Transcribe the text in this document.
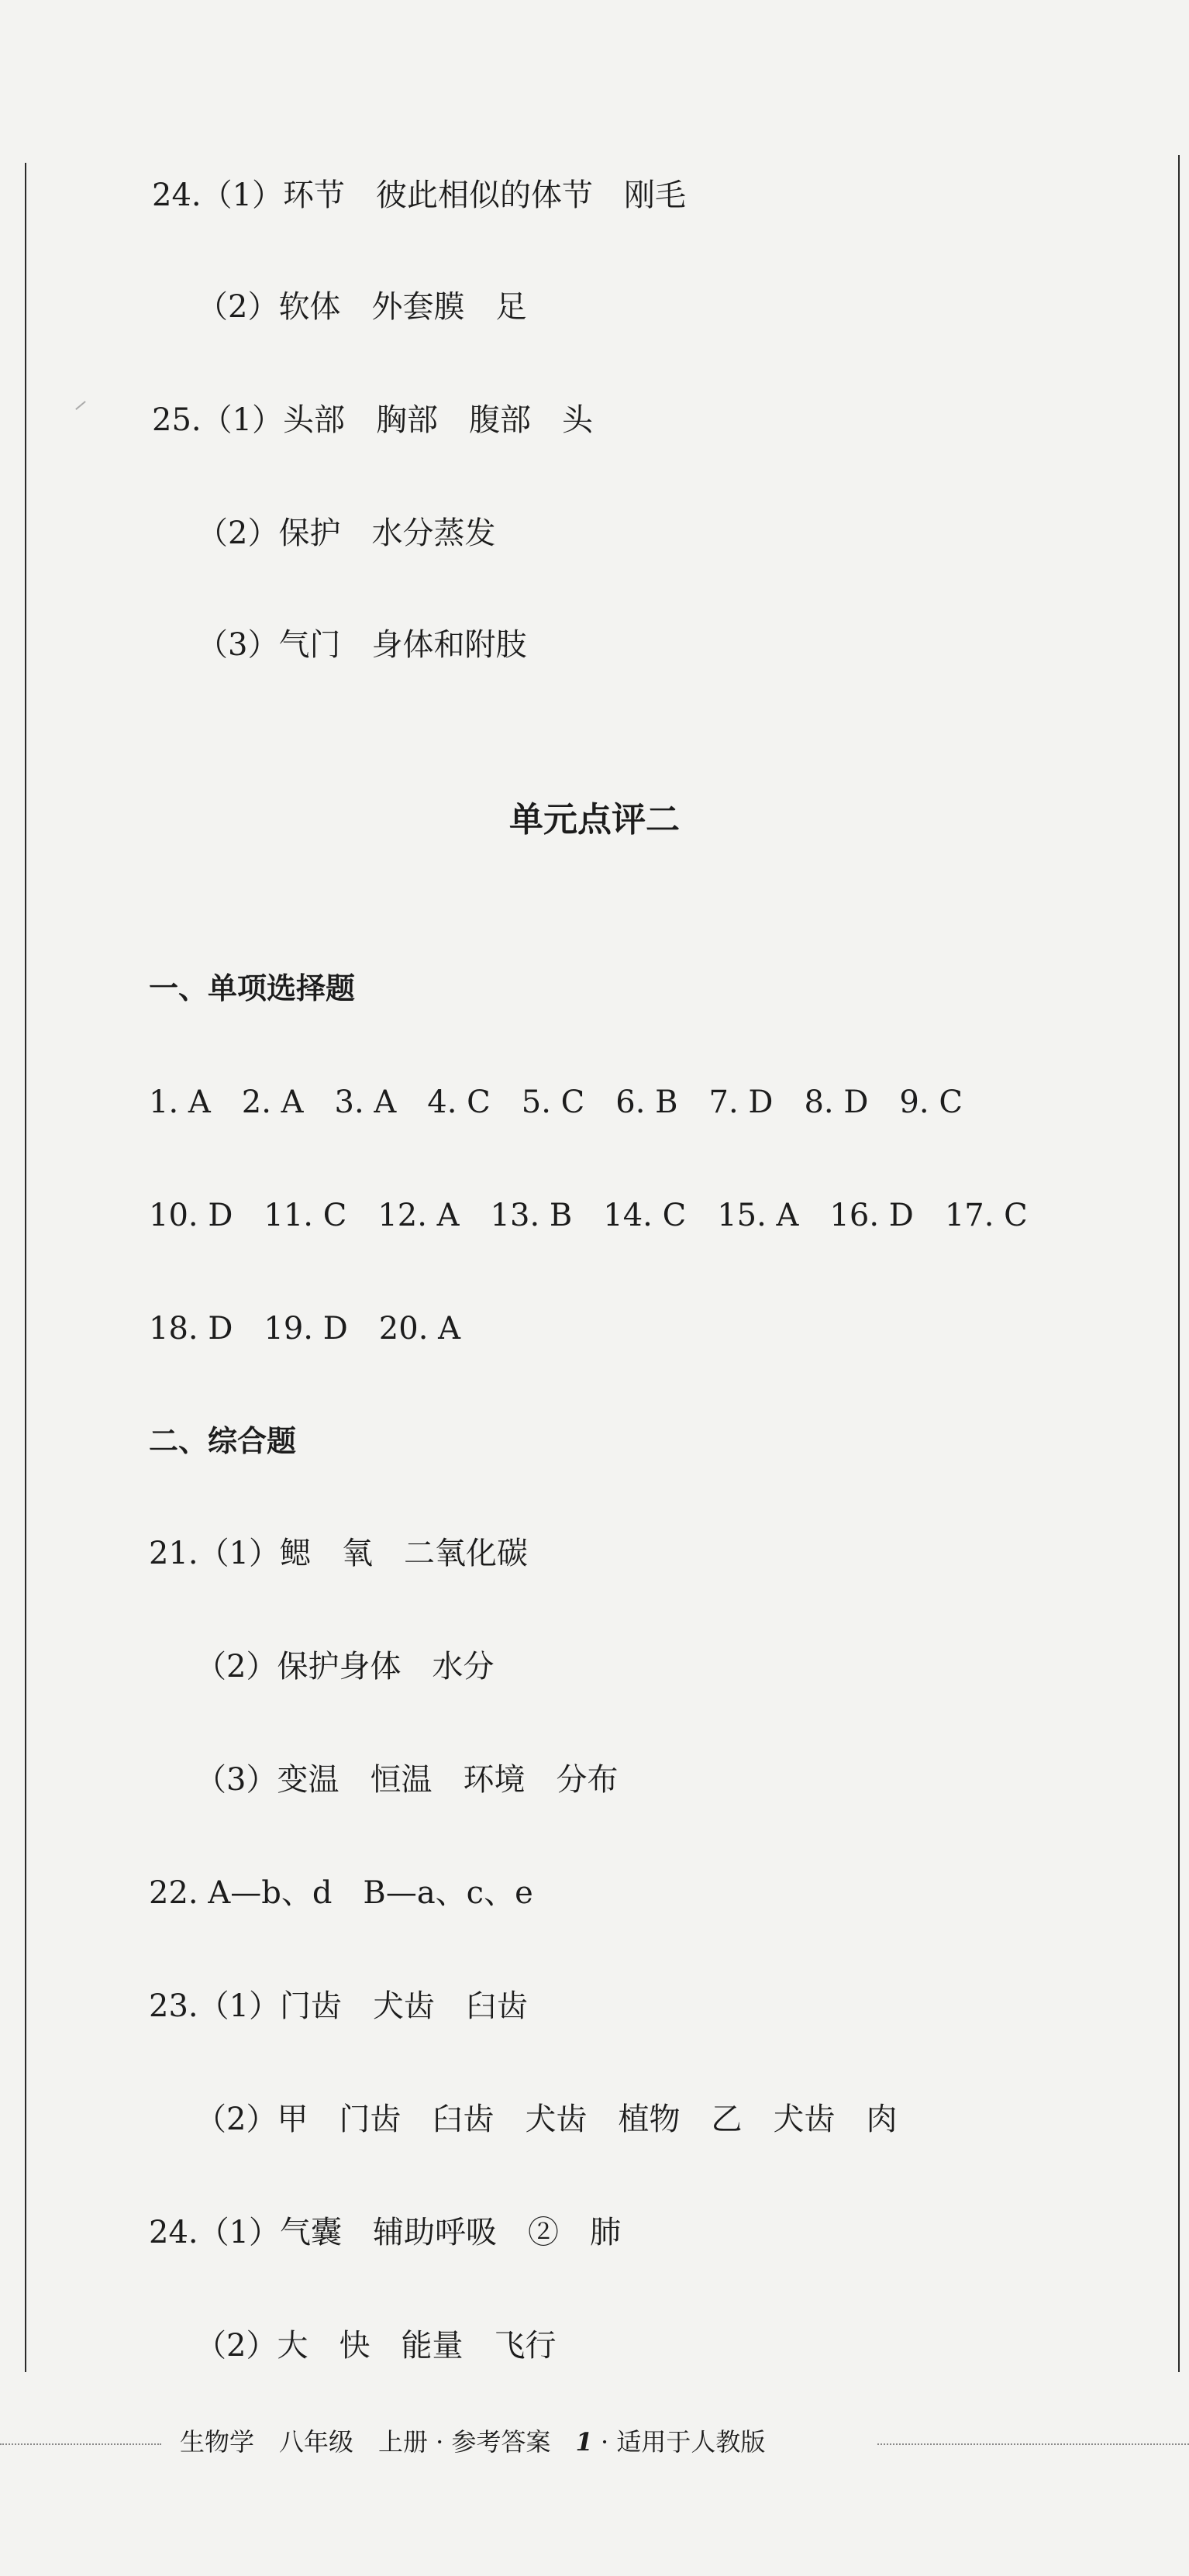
24.（1）环节　彼此相似的体节　刚毛
（2）软体　外套膜　足
25.（1）头部　胸部　腹部　头
（2）保护　水分蒸发
（3）气门　身体和附肢
单元点评二
一、单项选择题
1. A　2. A　3. A　4. C　5. C　6. B　7. D　8. D　9. C
10. D　11. C　12. A　13. B　14. C　15. A　16. D　17. C
18. D　19. D　20. A
二、综合题
21.（1）鳃　氧　二氧化碳
（2）保护身体　水分
（3）变温　恒温　环境　分布
22. A—b、d　B—a、c、e
23.（1）门齿　犬齿　臼齿
（2）甲　门齿　臼齿　犬齿　植物　乙　犬齿　肉
24.（1）气囊　辅助呼吸　②　肺
（2）大　快　能量　飞行
生物学　八年级　上册 · 参考答案　 1 · 适用于人教版
